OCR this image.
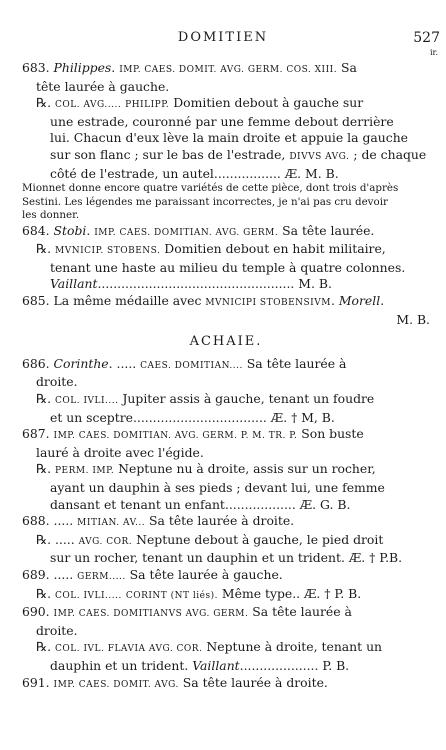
DOMITIEN	527
ir.
683. Philippes. IMP. CAES. DOMIT. AVG. GERM. COS. XIII. Sa
tête laurée à gauche.
℞. COL. AVG..... PHILIPP. Domitien debout à gauche sur
une estrade, couronné par une femme debout derrière
lui. Chacun d'eux lève la main droite et appuie la gauche
sur son flanc ; sur le bas de l'estrade, DIVVS AVG. ; de chaque
côté de l'estrade, un autel................. Æ. M. B.
Mionnet donne encore quatre variétés de cette pièce, dont trois d'après
Sestini. Les légendes me paraissant incorrectes, je n'ai pas cru devoir
les donner.
684. Stobi. IMP. CAES. DOMITIAN. AVG. GERM. Sa tête laurée.
℞. MVNICIP. STOBENS. Domitien debout en habit militaire,
tenant une haste au milieu du temple à quatre colonnes.
Vaillant.................................................. M. B.
685. La même médaille avec MVNICIPI STOBENSIVM. Morell.
M. B.
ACHAIE.
686. Corinthe. ..... CAES. DOMITIAN.... Sa tête laurée à
droite.
℞. COL. IVLI.... Jupiter assis à gauche, tenant un foudre
et un sceptre.................................. Æ. † M, B.
687. IMP. CAES. DOMITIAN. AVG. GERM. P. M. TR. P. Son buste
lauré à droite avec l'égide.
℞. PERM. IMP. Neptune nu à droite, assis sur un rocher,
ayant un dauphin à ses pieds ; devant lui, une femme
dansant et tenant un enfant.................. Æ. G. B.
688. ..... MITIAN. AV... Sa tête laurée à droite.
℞. ..... AVG. COR. Neptune debout à gauche, le pied droit
sur un rocher, tenant un dauphin et un trident. Æ. † P.B.
689. ..... GERM..... Sa tête laurée à gauche.
℞. COL. IVLI..... CORINT (NT liés). Même type.. Æ. † P. B.
690. IMP. CAES. DOMITIANVS AVG. GERM. Sa tête laurée à
droite.
℞. COL. IVL. FLAVIA AVG. COR. Neptune à droite, tenant un
dauphin et un trident. Vaillant.................... P. B.
691. IMP. CAES. DOMIT. AVG. Sa tête laurée à droite.
